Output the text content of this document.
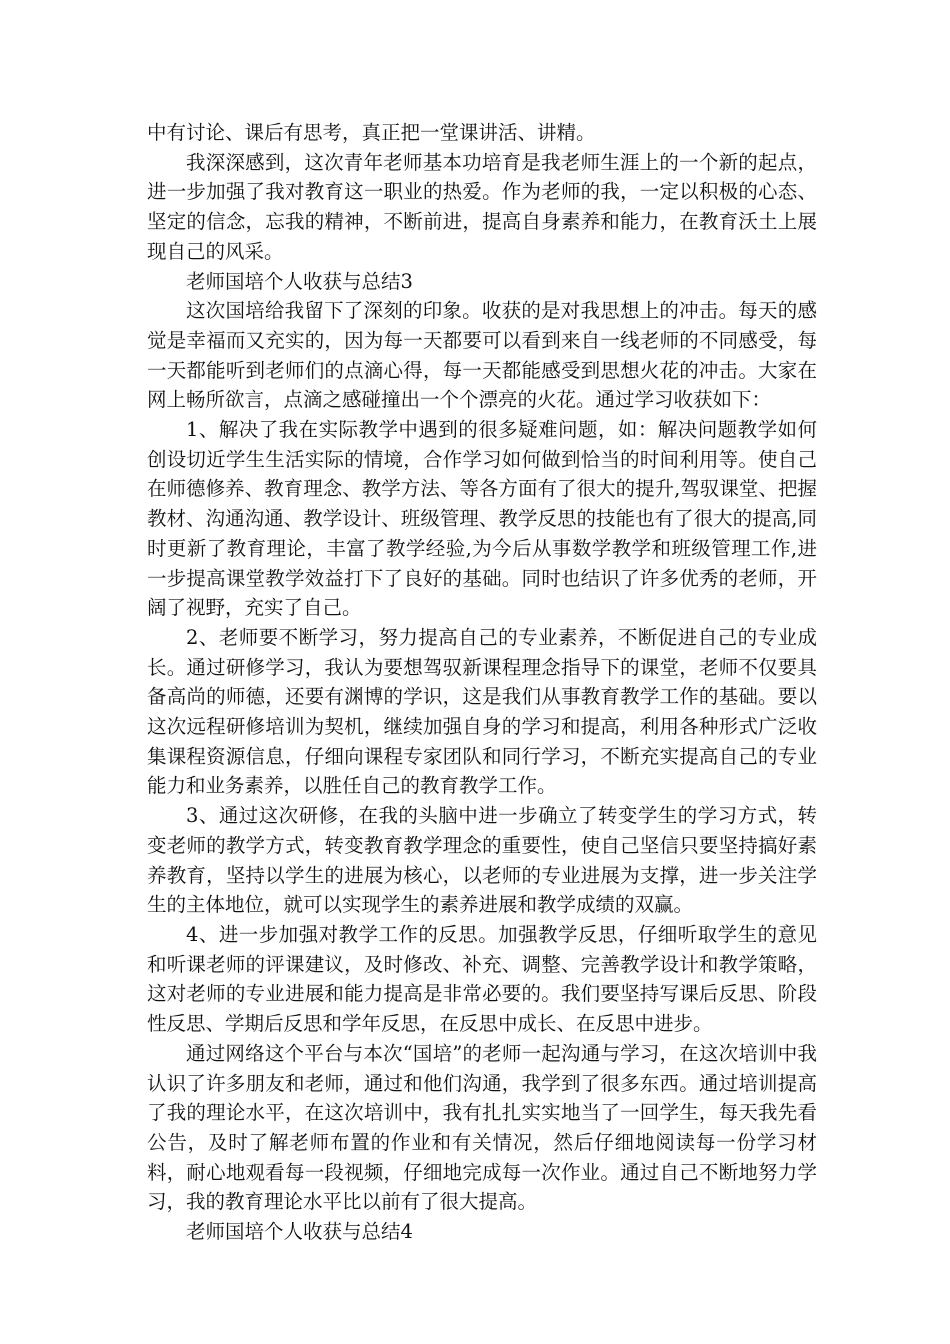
中有讨论、课后有思考，真正把一堂课讲活、讲精。

我深深感到，这次青年老师基本功培育是我老师生涯上的一个新的起点，进一步加强了我对教育这一职业的热爱。作为老师的我，一定以积极的心态、坚定的信念，忘我的精神，不断前进，提高自身素养和能力，在教育沃土上展现自己的风采。

老师国培个人收获与总结3

这次国培给我留下了深刻的印象。收获的是对我思想上的冲击。每天的感觉是幸福而又充实的，因为每一天都要可以看到来自一线老师的不同感受，每一天都能听到老师们的点滴心得，每一天都能感受到思想火花的冲击。大家在网上畅所欲言，点滴之感碰撞出一个个漂亮的火花。通过学习收获如下：

1、解决了我在实际教学中遇到的很多疑难问题，如：解决问题教学如何创设切近学生生活实际的情境，合作学习如何做到恰当的时间利用等。使自己在师德修养、教育理念、教学方法、等各方面有了很大的提升,驾驭课堂、把握教材、沟通沟通、教学设计、班级管理、教学反思的技能也有了很大的提高,同时更新了教育理论，丰富了教学经验,为今后从事数学教学和班级管理工作,进一步提高课堂教学效益打下了良好的基础。同时也结识了许多优秀的老师，开阔了视野，充实了自己。

2、老师要不断学习，努力提高自己的专业素养，不断促进自己的专业成长。通过研修学习，我认为要想驾驭新课程理念指导下的课堂，老师不仅要具备高尚的师德，还要有渊博的学识，这是我们从事教育教学工作的基础。要以这次远程研修培训为契机，继续加强自身的学习和提高，利用各种形式广泛收集课程资源信息，仔细向课程专家团队和同行学习，不断充实提高自己的专业能力和业务素养，以胜任自己的教育教学工作。

3、通过这次研修，在我的头脑中进一步确立了转变学生的学习方式，转变老师的教学方式，转变教育教学理念的重要性，使自己坚信只要坚持搞好素养教育，坚持以学生的进展为核心，以老师的专业进展为支撑，进一步关注学生的主体地位，就可以实现学生的素养进展和教学成绩的双赢。

4、进一步加强对教学工作的反思。加强教学反思，仔细听取学生的意见和听课老师的评课建议，及时修改、补充、调整、完善教学设计和教学策略，这对老师的专业进展和能力提高是非常必要的。我们要坚持写课后反思、阶段性反思、学期后反思和学年反思，在反思中成长、在反思中进步。

通过网络这个平台与本次“国培”的老师一起沟通与学习，在这次培训中我认识了许多朋友和老师，通过和他们沟通，我学到了很多东西。通过培训提高了我的理论水平，在这次培训中，我有扎扎实实地当了一回学生，每天我先看公告，及时了解老师布置的作业和有关情况，然后仔细地阅读每一份学习材料，耐心地观看每一段视频，仔细地完成每一次作业。通过自己不断地努力学习，我的教育理论水平比以前有了很大提高。

老师国培个人收获与总结4
